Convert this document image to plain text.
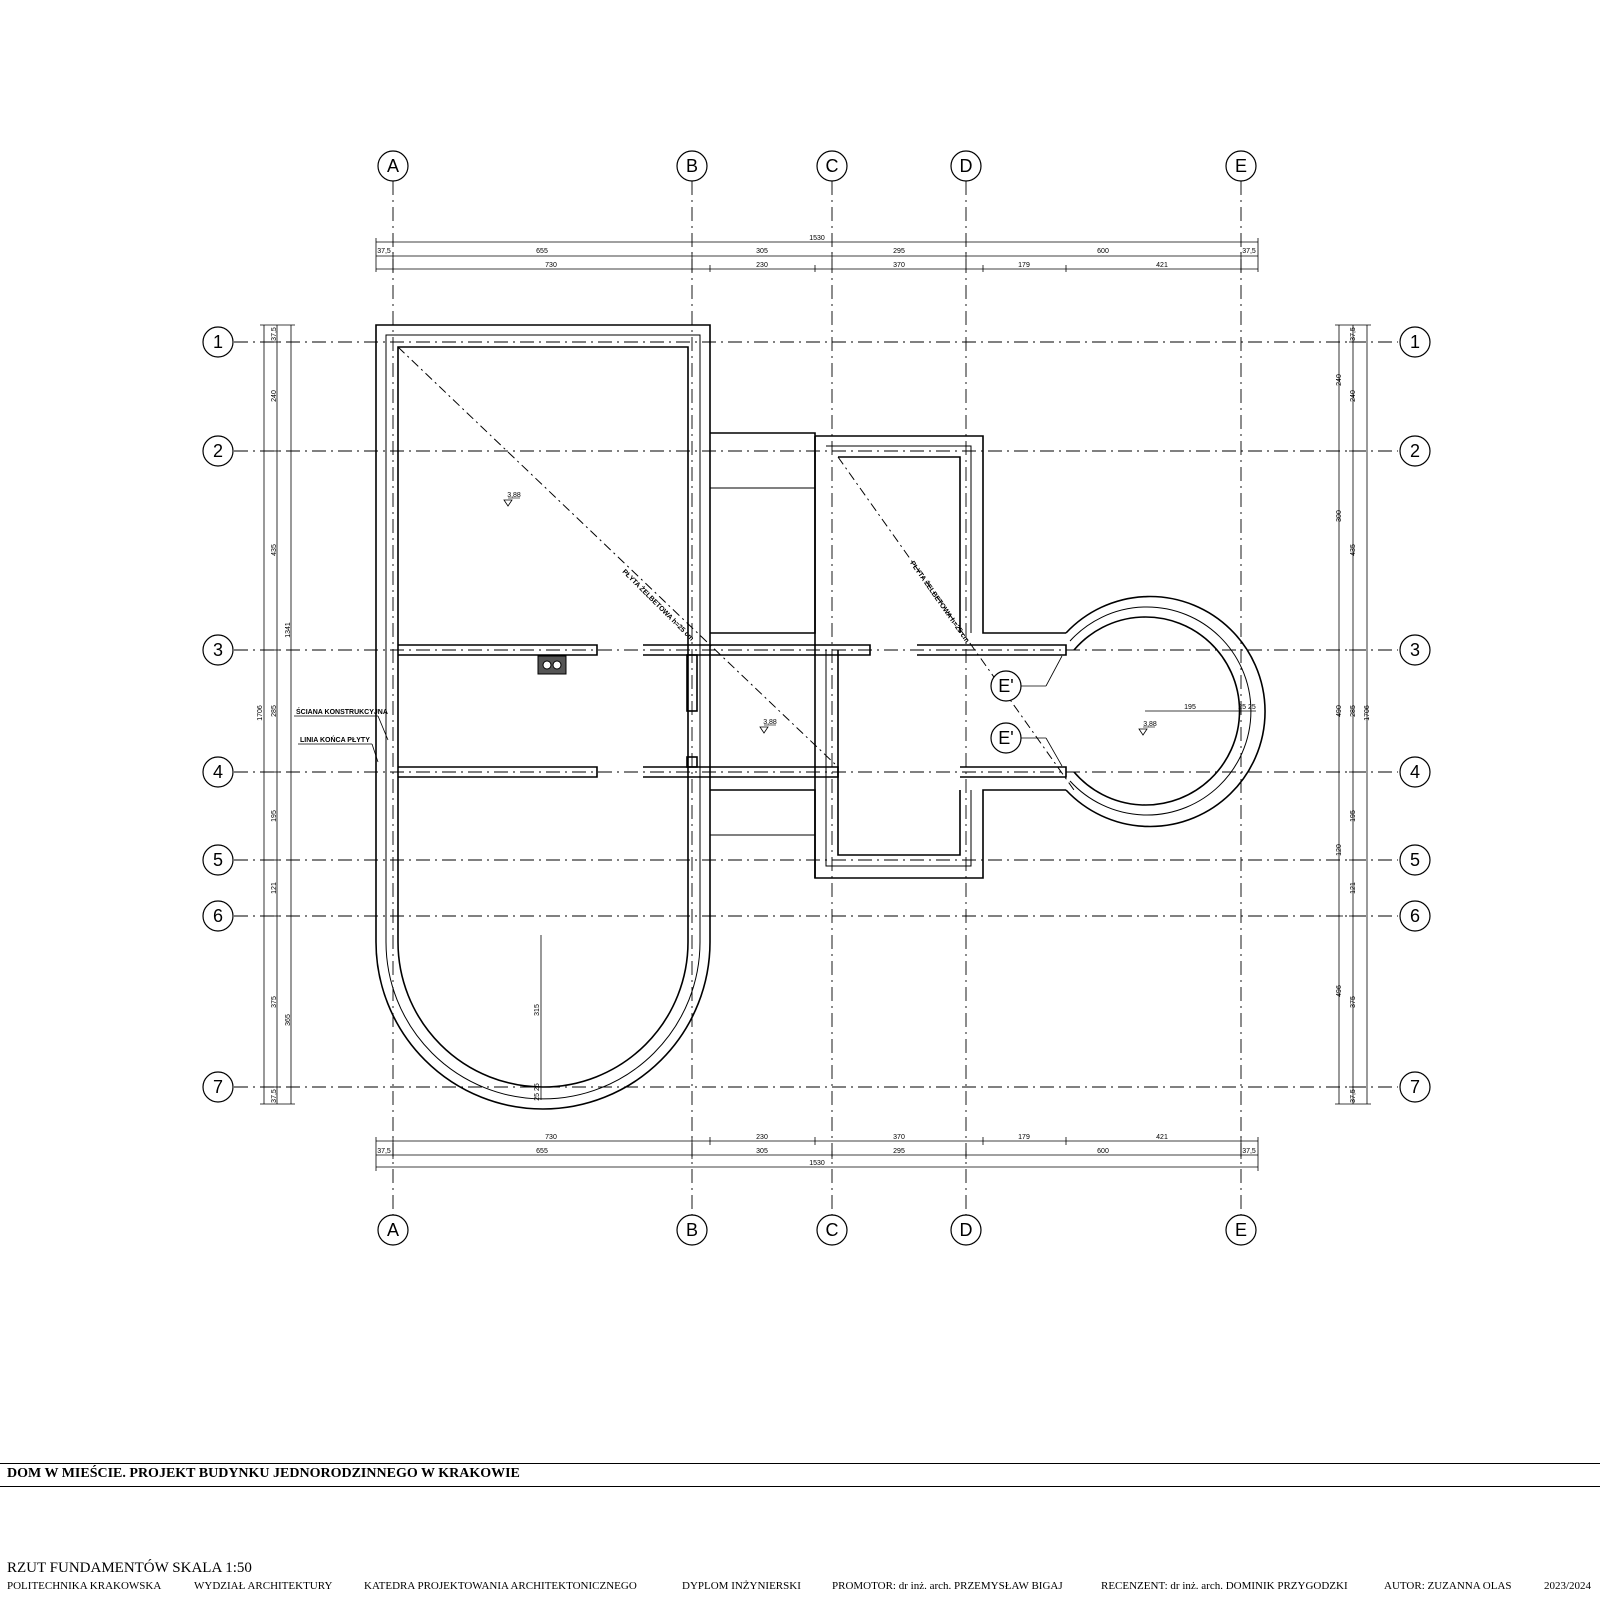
A	B	C	D	E
A	B	C	D	E
1
2
3
4
5
6
7
1
2
3
4
5
6
7
1530
37,5	655	305	295	600	37,5
730	230	370	179	421
730	230	370	179	421
37,5	655	305	295	600	37,5
1530
1706
37,5
240
435
285
195
121
375
37,5
1341
365
240
300
490
120
496
37,5
240
435
285
195
121
375
37,5
1706
PŁYTA ŻELBETOWA h=25 cm	PŁYTA ŻELBETOWA h=25 cm
3,88
3,88	3,88
315
25 25
195	25 25
ŚCIANA KONSTRUKCYJNA
LINIA KOŃCA PŁYTY
E'
E'
DOM W MIEŚCIE. PROJEKT BUDYNKU JEDNORODZINNEGO W KRAKOWIE
RZUT FUNDAMENTÓW SKALA 1:50
POLITECHNIKA KRAKOWSKA	WYDZIAŁ ARCHITEKTURY	KATEDRA PROJEKTOWANIA ARCHITEKTONICZNEGO	DYPLOM INŻYNIERSKI	PROMOTOR: dr inż. arch. PRZEMYSŁAW BIGAJ	RECENZENT: dr inż. arch. DOMINIK PRZYGODZKI	AUTOR: ZUZANNA OLAS	2023/2024
